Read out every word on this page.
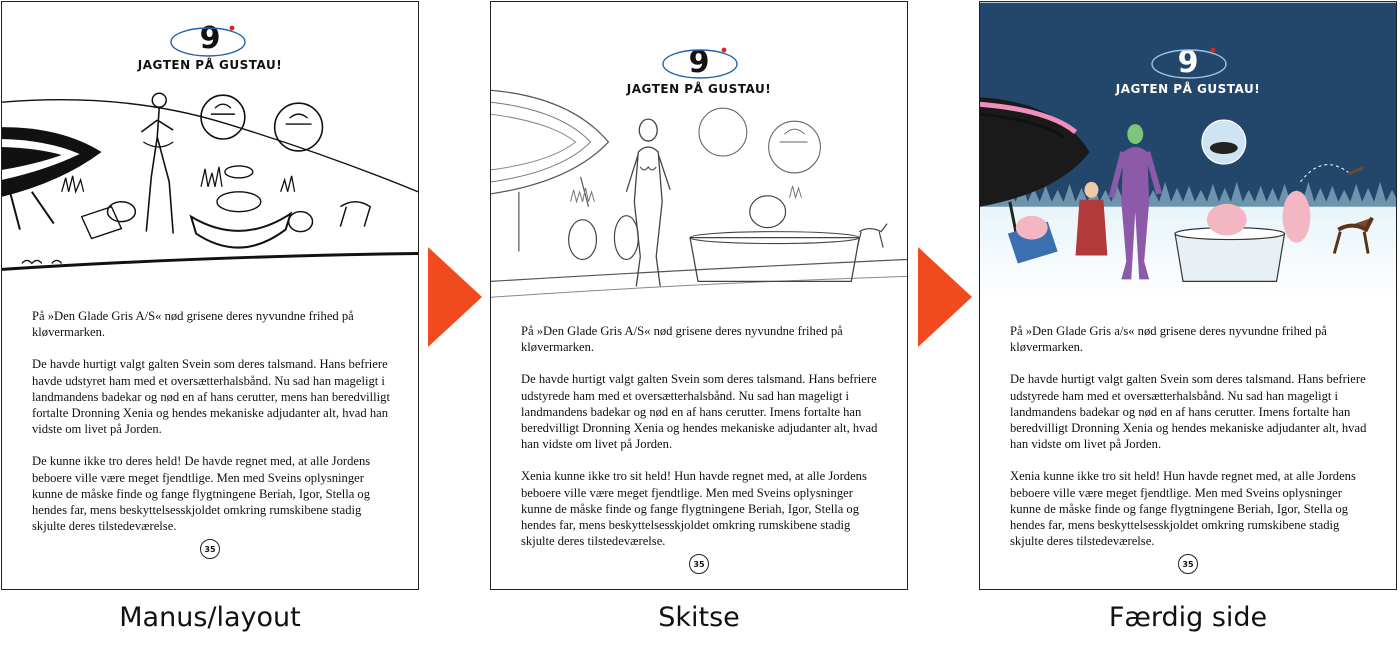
9
JAGTEN PÅ GUSTAU!

På »Den Glade Gris A/S« nød grisene deres nyvundne frihed på kløvermarken.

De havde hurtigt valgt galten Svein som deres talsmand. Hans befriere havde udstyret ham med et oversætterhalsbånd. Nu sad han mageligt i landmandens badekar og nød en af hans cerutter, mens han beredvilligt fortalte Dronning Xenia og hendes mekaniske adjudanter alt, hvad han vidste om livet på Jorden.

De kunne ikke tro deres held! De havde regnet med, at alle Jordens beboere ville være meget fjendtlige. Men med Sveins oplysninger kunne de måske finde og fange flygtningene Beriah, Igor, Stella og hendes far, mens beskyttelsesskjoldet omkring rumskibene stadig skjulte deres tilstedeværelse.

35
9
JAGTEN PÅ GUSTAU!

På »Den Glade Gris A/S« nød grisene deres nyvundne frihed på kløvermarken.

De havde hurtigt valgt galten Svein som deres talsmand. Hans befriere udstyrede ham med et oversætterhalsbånd. Nu sad han mageligt i landmandens badekar og nød en af hans cerutter. Imens fortalte han beredvilligt Dronning Xenia og hendes mekaniske adjudanter alt, hvad han vidste om livet på Jorden.

Xenia kunne ikke tro sit held! Hun havde regnet med, at alle Jordens beboere ville være meget fjendtlige. Men med Sveins oplysninger kunne de måske finde og fange flygtningene Beriah, Igor, Stella og hendes far, mens beskyttelsesskjoldet omkring rumskibene stadig skjulte deres tilstedeværelse.

35
9
JAGTEN PÅ GUSTAU!

På »Den Glade Gris a/s« nød grisene deres nyvundne frihed på kløvermarken.

De havde hurtigt valgt galten Svein som deres talsmand. Hans befriere udstyrede ham med et oversætterhalsbånd. Nu sad han mageligt i landmandens badekar og nød en af hans cerutter. Imens fortalte han beredvilligt Dronning Xenia og hendes mekaniske adjudanter alt, hvad han vidste om livet på Jorden.

Xenia kunne ikke tro sit held! Hun havde regnet med, at alle Jordens beboere ville være meget fjendtlige. Men med Sveins oplysninger kunne de måske finde og fange flygtningene Beriah, Igor, Stella og hendes far, mens beskyttelsesskjoldet omkring rumskibene stadig skjulte deres tilstedeværelse.

35
Manus/layout	Skitse	Færdig side
